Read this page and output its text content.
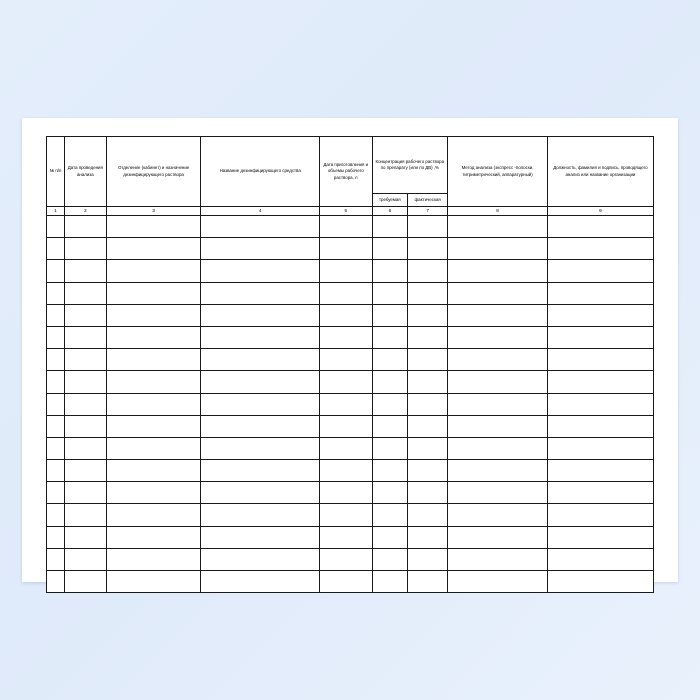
№ п/п	Дата проведения анализа	Отделение (кабинет) и назначение дезинфицирующего раствора	Название дезинфицирующего средства	Дата приготовления и объемы рабочего раствора, л	Концентрация рабочего раствора по препарату (или по ДВ) ,%		Метод анализа (экспресс -полоски, титриметрический, аппаратурный)	Должность, фамилия и подпись, проводящего анализ или название организации

					требуемая	фактическая		

1	2	3	4	5	6	7	8	9
